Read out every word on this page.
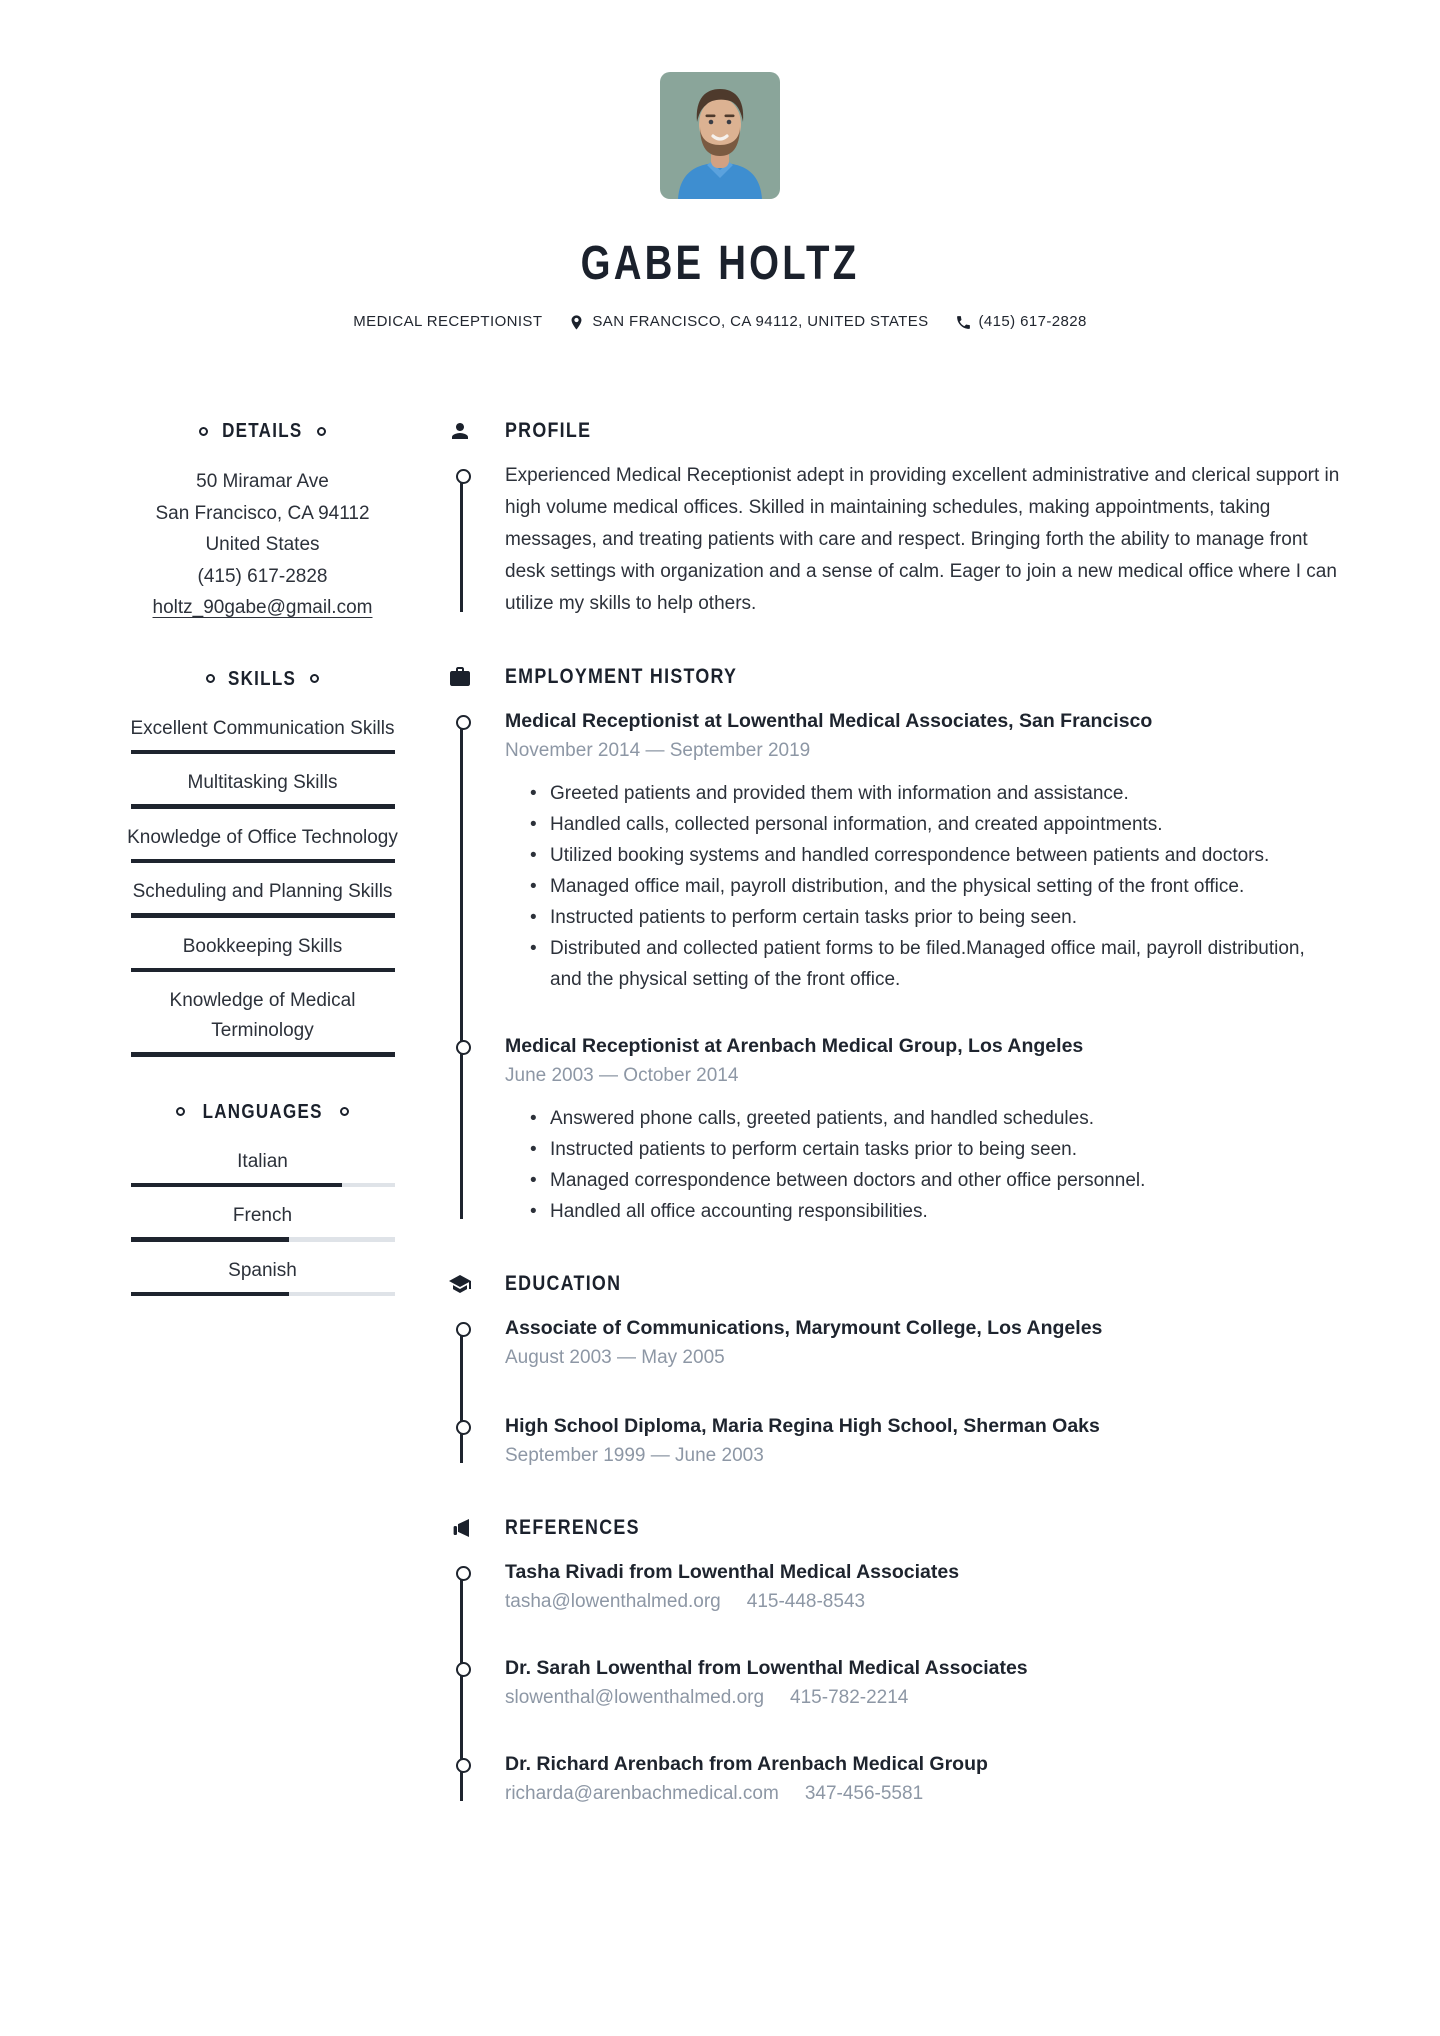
GABE HOLTZ
MEDICAL RECEPTIONIST	SAN FRANCISCO, CA 94112, UNITED STATES	(415) 617-2828
DETAILS
50 Miramar Ave
San Francisco, CA 94112
United States
(415) 617-2828
holtz_90gabe@gmail.com
SKILLS
Excellent Communication Skills
Multitasking Skills
Knowledge of Office Technology
Scheduling and Planning Skills
Bookkeeping Skills
Knowledge of Medical Terminology
LANGUAGES
Italian
French
Spanish
PROFILE

Experienced Medical Receptionist adept in providing excellent administrative and clerical support in high volume medical offices. Skilled in maintaining schedules, making appointments, taking messages, and treating patients with care and respect. Bringing forth the ability to manage front desk settings with organization and a sense of calm. Eager to join a new medical office where I can utilize my skills to help others.

EMPLOYMENT HISTORY
Medical Receptionist at Lowenthal Medical Associates, San Francisco
November 2014 — September 2019
• Greeted patients and provided them with information and assistance.
• Handled calls, collected personal information, and created appointments.
• Utilized booking systems and handled correspondence between patients and doctors.
• Managed office mail, payroll distribution, and the physical setting of the front office.
• Instructed patients to perform certain tasks prior to being seen.
• Distributed and collected patient forms to be filed.Managed office mail, payroll distribution, and the physical setting of the front office.
Medical Receptionist at Arenbach Medical Group, Los Angeles
June 2003 — October 2014
• Answered phone calls, greeted patients, and handled schedules.
• Instructed patients to perform certain tasks prior to being seen.
• Managed correspondence between doctors and other office personnel.
• Handled all office accounting responsibilities.
EDUCATION
Associate of Communications, Marymount College, Los Angeles
August 2003 — May 2005
High School Diploma, Maria Regina High School, Sherman Oaks
September 1999 — June 2003
REFERENCES
Tasha Rivadi from Lowenthal Medical Associates
tasha@lowenthalmed.org 415-448-8543
Dr. Sarah Lowenthal from Lowenthal Medical Associates
slowenthal@lowenthalmed.org 415-782-2214
Dr. Richard Arenbach from Arenbach Medical Group
richarda@arenbachmedical.com 347-456-5581
